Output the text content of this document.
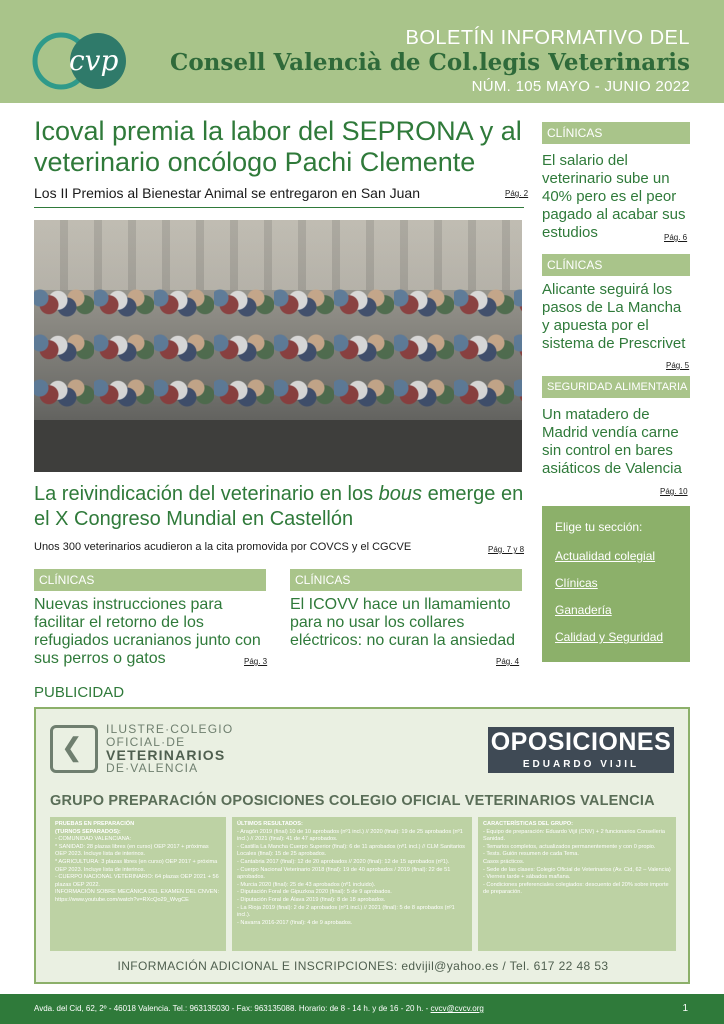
cvp
BOLETÍN INFORMATIVO DEL
Consell Valencià de Col.legis Veterinaris
NÚM. 105 MAYO - JUNIO 2022
Icoval premia la labor del SEPRONA y al veterinario oncólogo Pachi Clemente
Los II Premios al Bienestar Animal se entregaron en San Juan	Pág. 2
La reivindicación del veterinario en los bous emerge en el X Congreso Mundial en Castellón
Unos 300 veterinarios acudieron a la cita promovida por COVCS y el CGCVE	Pág. 7 y 8
CLÍNICAS
Nuevas instrucciones para facilitar el retorno de los refugiados ucranianos junto con sus perros o gatos	Pág. 3
CLÍNICAS
El ICOVV hace un llamamiento para no usar los collares eléctricos: no curan la ansiedad
Pág. 4
CLÍNICAS
El salario del veterinario sube un 40% pero es el peor pagado al acabar sus estudios	Pág. 6
CLÍNICAS
Alicante seguirá los pasos de La Mancha y apuesta por el sistema de Prescrivet
Pág. 5
SEGURIDAD ALIMENTARIA
Un matadero de Madrid vendía carne sin control en bares asiáticos de Valencia
Pág. 10
Elige tu sección:
Actualidad colegial
Clínicas
Ganadería
Calidad y Seguridad
PUBLICIDAD
❮
ILUSTRE·COLEGIO
OFICIAL·DE
VETERINARIOS
DE·VALENCIA
OPOSICIONES
EDUARDO VIJIL
GRUPO PREPARACIÓN OPOSICIONES COLEGIO OFICIAL VETERINARIOS VALENCIA
PRUEBAS EN PREPARACIÓN
(TURNOS SEPARADOS):
- COMUNIDAD VALENCIANA:
* SANIDAD: 28 plazas libres (en curso) OEP 2017 + próximas OEP 2023. Incluye lista de interinos.
* AGRICULTURA: 3 plazas libres (en curso) OEP 2017 + próxima OEP 2023. Incluye lista de interinos.
- CUERPO NACIONAL VETERINARIO: 64 plazas OEP 2021 + 56 plazas OEP 2022.
INFORMACIÓN SOBRE MECÁNICA DEL EXAMEN DEL CNVEN: https://www.youtube.com/watch?v=RXcQo29_WvgCE
ÚLTIMOS RESULTADOS:
- Aragón 2019 (final) 10 de 10 aprobados (nº1 incl.) // 2020 (final): 19 de 25 aprobados (nº1 incl.) // 2021 (final): 41 de 47 aprobados.
- Castilla La Mancha Cuerpo Superior (final): 6 de 11 aprobados (nº1 incl.) // CLM Sanitarios Locales (final): 15 de 25 aprobados.
- Cantabria 2017 (final): 12 de 20 aprobados // 2020 (final): 12 de 15 aprobados (nº1).
- Cuerpo Nacional Veterinario 2018 (final): 19 de 40 aprobados / 2019 (final): 22 de 51 aprobados.
- Murcia 2020 (final): 25 de 43 aprobados (nº1 incluido).
- Diputación Foral de Gipuzkoa 2020 (final): 5 de 9 aprobados.
- Diputación Foral de Álava 2019 (final): 8 de 18 aprobados.
- La Rioja 2019 (final): 2 de 2 aprobados (nº1 incl.) // 2021 (final): 5 de 8 aprobados (nº1 incl.).
- Navarra 2016-2017 (final): 4 de 9 aprobados.
CARACTERÍSTICAS DEL GRUPO:
- Equipo de preparación: Eduardo Vijil (CNV) + 2 funcionarios Conselleria Sanidad.
- Temarios completos, actualizados permanentemente y con 0 propio.
- Tests. Guión resumen de cada Tema.
Casos prácticos.
- Sede de las clases: Colegio Oficial de Veterinarios (Av. Cid, 62 – Valencia)
- Viernes tarde + sábados mañana.
- Condiciones preferenciales colegiados: descuento del 20% sobre importe de preparación.
INFORMACIÓN ADICIONAL E INSCRIPCIONES: edvijil@yahoo.es / Tel. 617 22 48 53
Avda. del Cid, 62, 2º - 46018 Valencia. Tel.: 963135030 - Fax: 963135088. Horario: de 8 - 14 h. y de 16 - 20 h. - cvcv@cvcv.org	1
